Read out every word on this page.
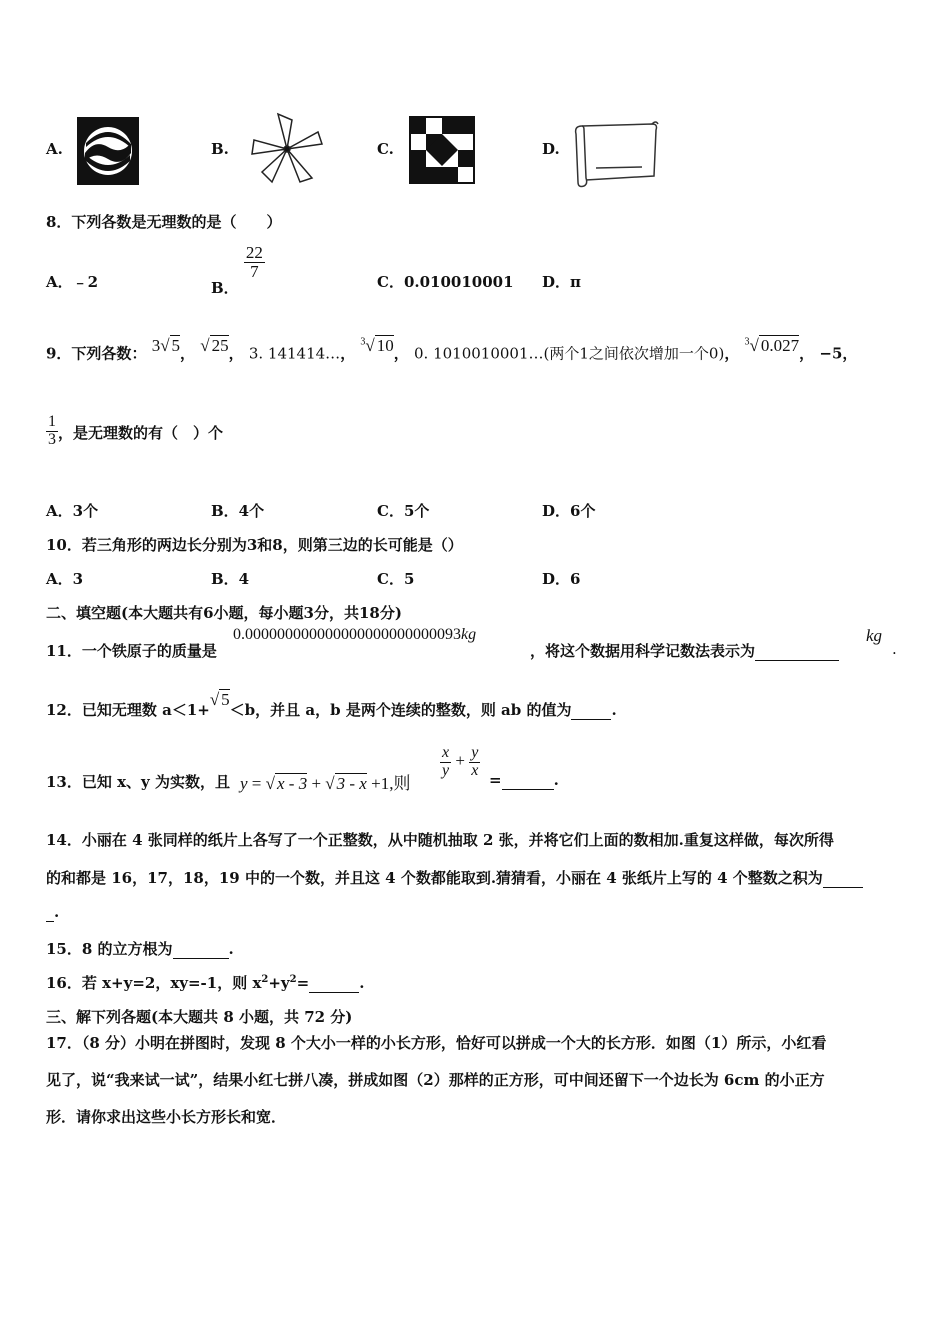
A.	B.	C.	D.
8．下列各数是无理数的是（　　）
A．﹣2	B．
$\frac{22}{7}$
C．0.010010001 D．π
9．下列各数： 3√ 5， √ 25， 3. 141414…， $^3$√ 10， 0. 1010010001…(两个1之间依次增加一个0)， $^3$√ 0.027， −5，
$\frac{1}{3}$ ，是无理数的有（　）个
A．3个	B．4个	C．5个	D．6个
10．若三角形的两边长分别为3和8，则第三边的长可能是（）
A．3	B．4	C．5	D．6
二、填空题(本大题共有6小题，每小题3分，共18分)
11．一个铁原子的质量是
0.000000000000000000000000093kg
，将这个数据用科学记数法表示为
kg
.
12．已知无理数 a＜1+√ 5＜b，并且 a，b 是两个连续的整数，则 ab 的值为	.
13．已知 x、y 为实数，且 y = √ x - 3 + √ 3 - x +1,则
$\frac{x}{y} + \frac{y}{x}$
=	.
14．小丽在 4 张同样的纸片上各写了一个正整数，从中随机抽取 2 张，并将它们上面的数相加.重复这样做，每次所得
的和都是 16，17，18，19 中的一个数，并且这 4 个数都能取到.猜猜看，小丽在 4 张纸片上写的 4 个整数之积为
.
15．8 的立方根为	.
16．若 x+y=2，xy=-1，则 $x^2+y^2=$	.
三、解下列各题(本大题共 8 小题，共 72 分)
17．（8 分）小明在拼图时，发现 8 个大小一样的小长方形，恰好可以拼成一个大的长方形．如图（1）所示，小红看
见了，说“我来试一试”，结果小红七拼八凑，拼成如图（2）那样的正方形，可中间还留下一个边长为 6cm 的小正方
形．请你求出这些小长方形长和宽．
